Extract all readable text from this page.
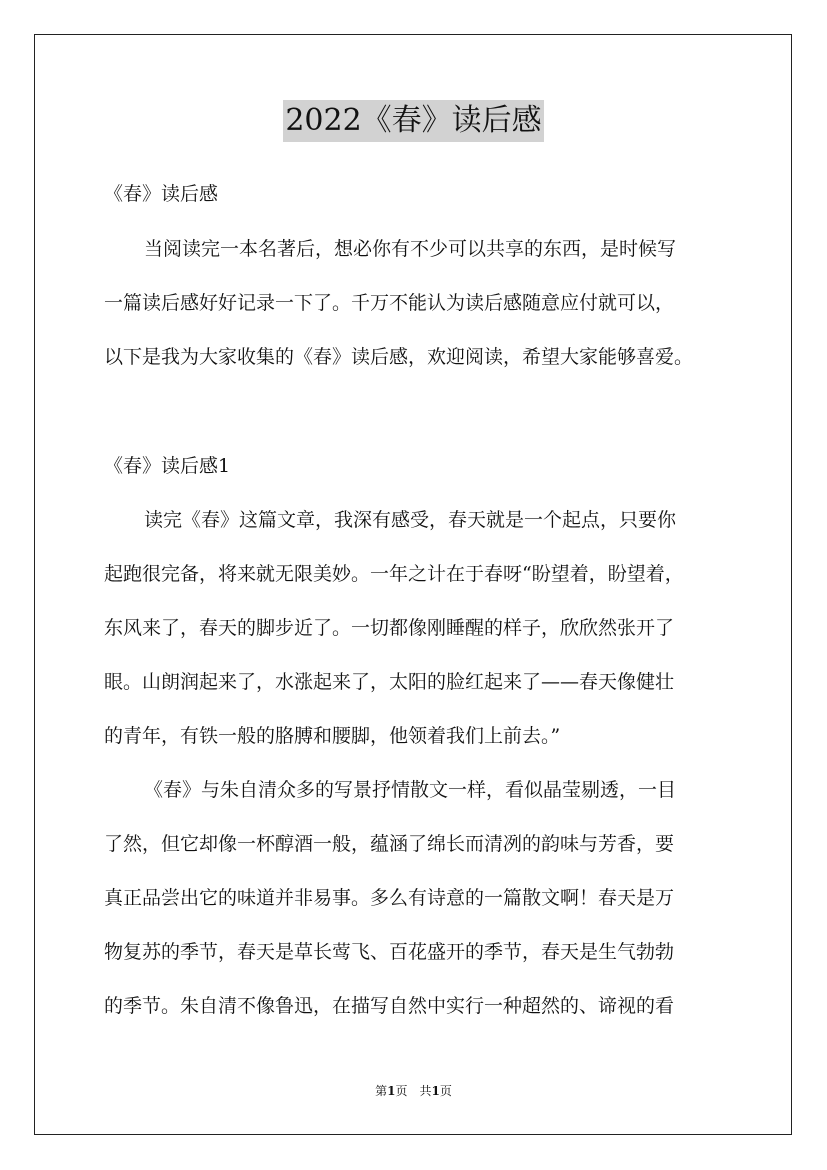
2022《春》读后感
《春》读后感
当阅读完一本名著后，想必你有不少可以共享的东西，是时候写
一篇读后感好好记录一下了。千万不能认为读后感随意应付就可以，
以下是我为大家收集的《春》读后感，欢迎阅读，希望大家能够喜爱。
《春》读后感1
读完《春》这篇文章，我深有感受，春天就是一个起点，只要你
起跑很完备，将来就无限美妙。一年之计在于春呀“盼望着，盼望着，
东风来了，春天的脚步近了。一切都像刚睡醒的样子，欣欣然张开了
眼。山朗润起来了，水涨起来了，太阳的脸红起来了——春天像健壮
的青年，有铁一般的胳膊和腰脚，他领着我们上前去。”
《春》与朱自清众多的写景抒情散文一样，看似晶莹剔透，一目
了然，但它却像一杯醇酒一般，蕴涵了绵长而清冽的韵味与芳香，要
真正品尝出它的味道并非易事。多么有诗意的一篇散文啊！春天是万
物复苏的季节，春天是草长莺飞、百花盛开的季节，春天是生气勃勃
的季节。朱自清不像鲁迅，在描写自然中实行一种超然的、谛视的看
第1页　共1页
